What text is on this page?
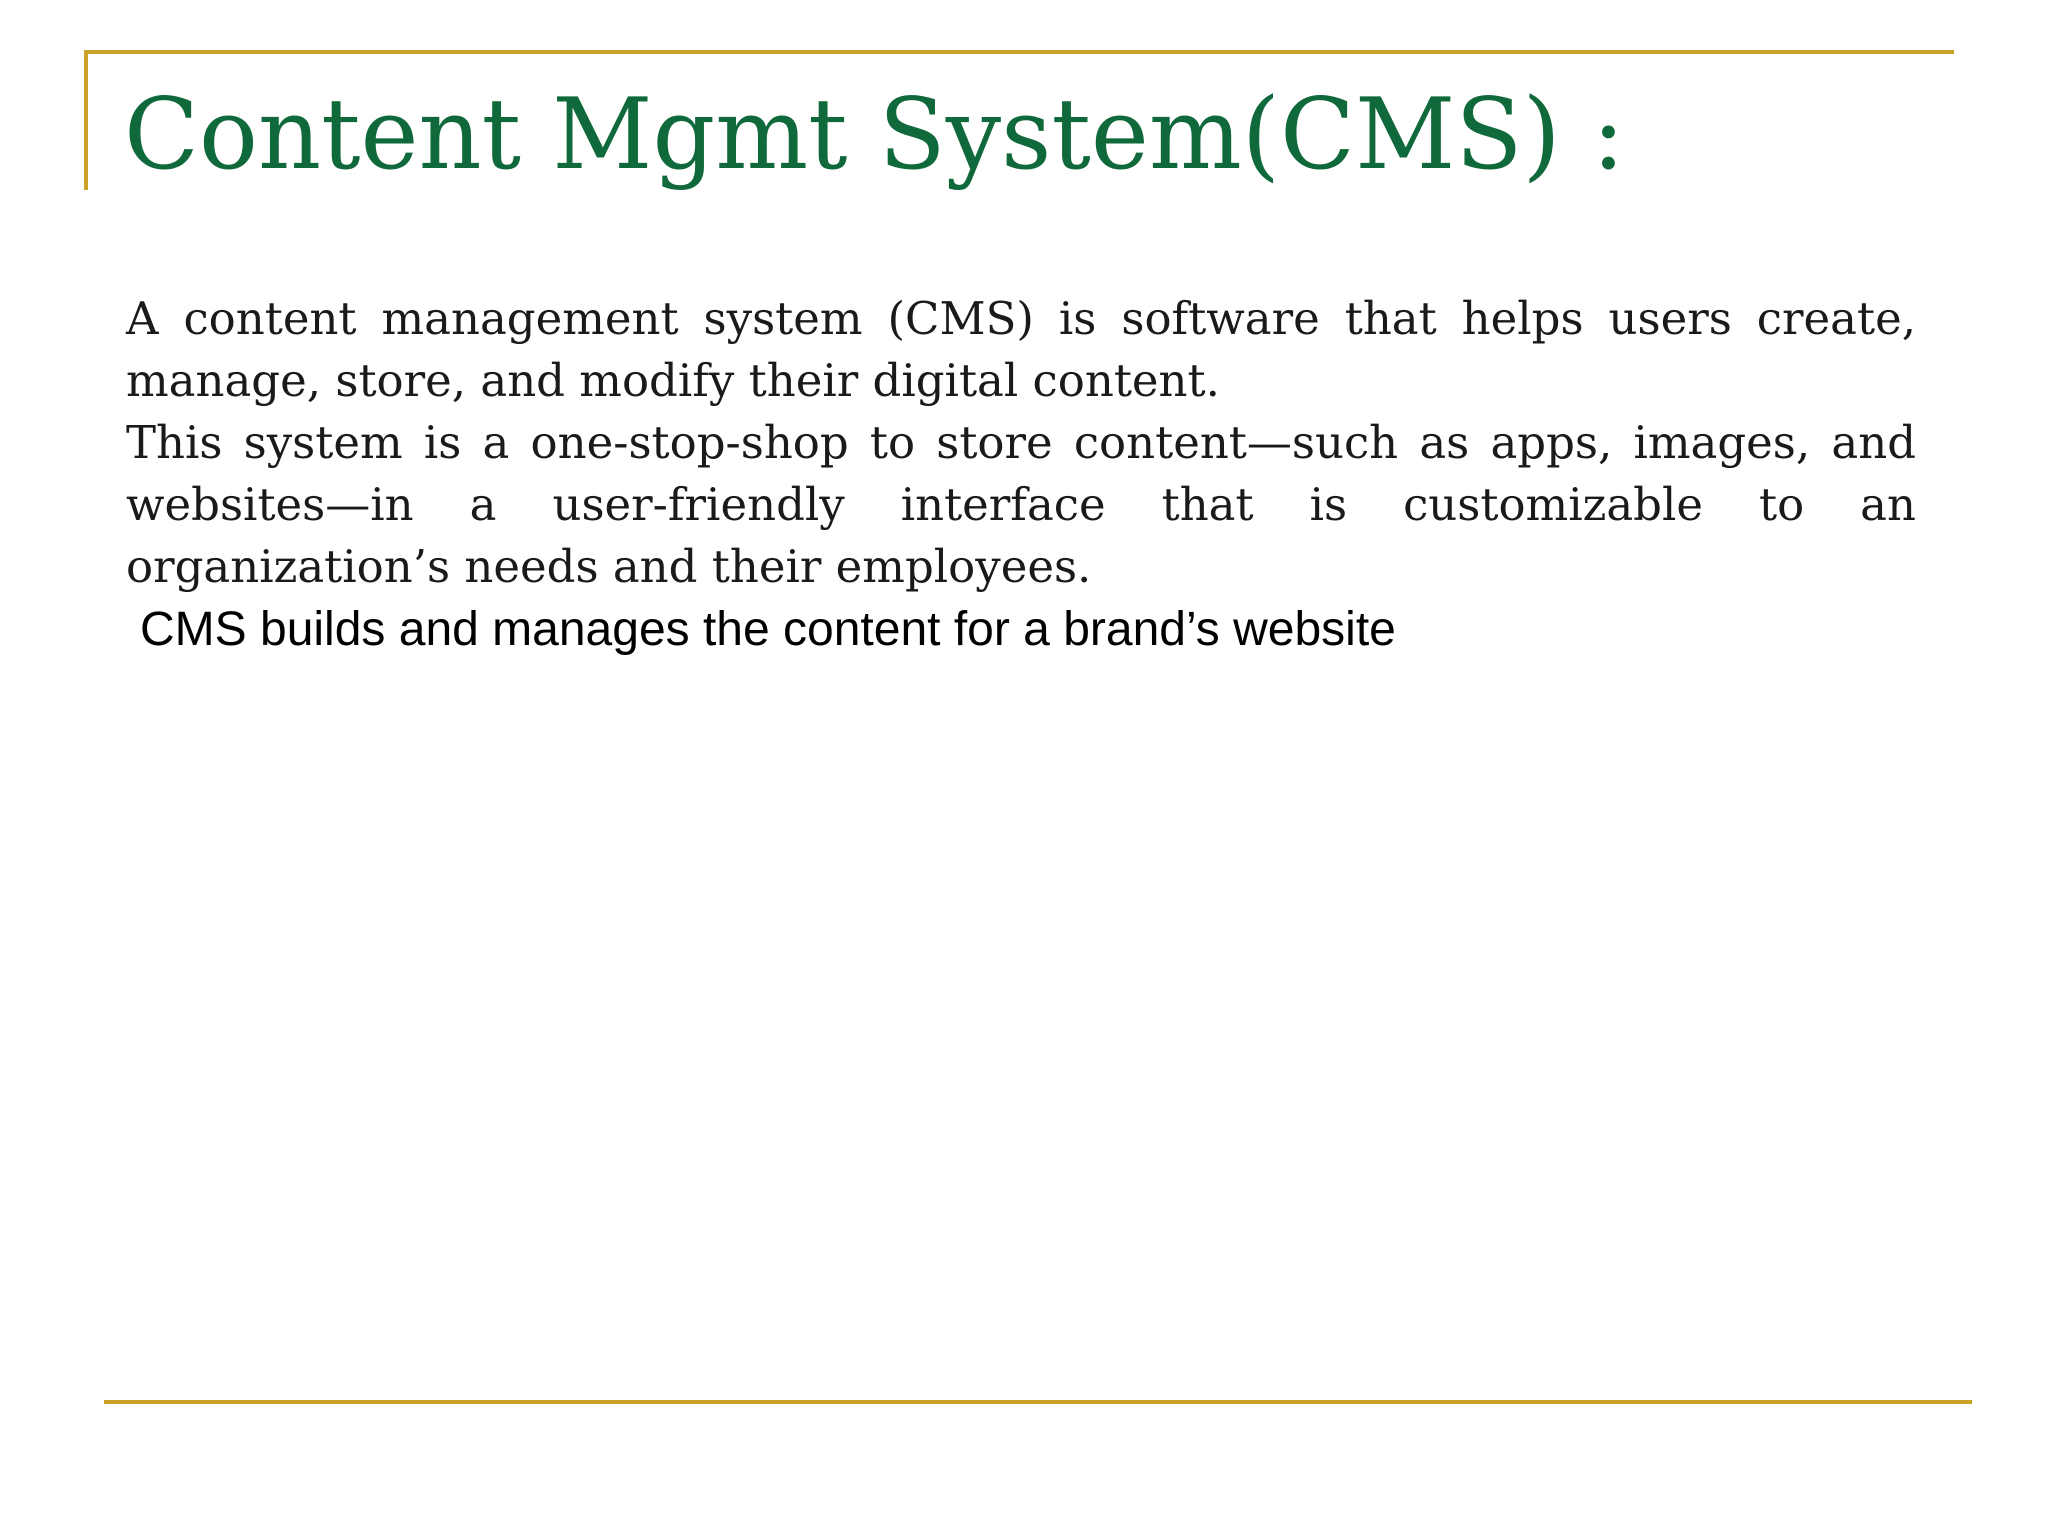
Content Mgmt System(CMS) :

A content management system (CMS) is software that helps users create, manage, store, and modify their digital content.

This system is a one-stop-shop to store content—such as apps, images, and websites—in a user-friendly interface that is customizable to an organization’s needs and their employees.

CMS builds and manages the content for a brand’s website
